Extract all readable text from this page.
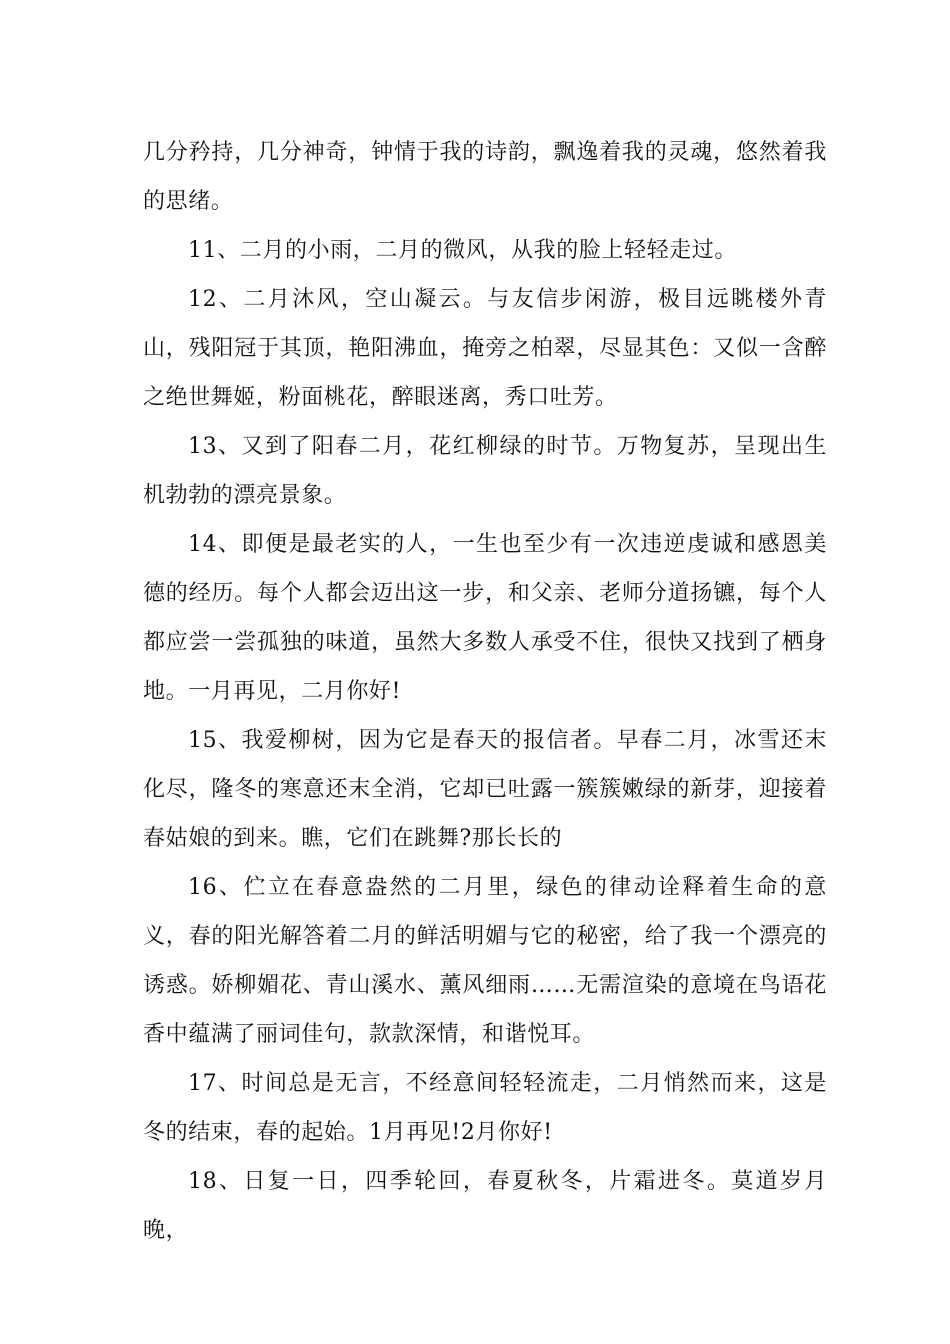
几分矜持，几分神奇，钟情于我的诗韵，飘逸着我的灵魂，悠然着我的思绪。

11、二月的小雨，二月的微风，从我的脸上轻轻走过。

12、二月沐风，空山凝云。与友信步闲游，极目远眺楼外青山，残阳冠于其顶，艳阳沸血，掩旁之柏翠，尽显其色：又似一含醉之绝世舞姬，粉面桃花，醉眼迷离，秀口吐芳。

13、又到了阳春二月，花红柳绿的时节。万物复苏，呈现出生机勃勃的漂亮景象。

14、即便是最老实的人，一生也至少有一次违逆虔诚和感恩美德的经历。每个人都会迈出这一步，和父亲、老师分道扬镳，每个人都应尝一尝孤独的味道，虽然大多数人承受不住，很快又找到了栖身地。一月再见，二月你好!

15、我爱柳树，因为它是春天的报信者。早春二月，冰雪还末化尽，隆冬的寒意还末全消，它却已吐露一簇簇嫩绿的新芽，迎接着春姑娘的到来。瞧，它们在跳舞?那长长的

16、伫立在春意盎然的二月里，绿色的律动诠释着生命的意义，春的阳光解答着二月的鲜活明媚与它的秘密，给了我一个漂亮的诱惑。娇柳媚花、青山溪水、薰风细雨……无需渲染的意境在鸟语花香中蕴满了丽词佳句，款款深情，和谐悦耳。

17、时间总是无言，不经意间轻轻流走，二月悄然而来，这是冬的结束，春的起始。1月再见!2月你好!

18、日复一日，四季轮回，春夏秋冬，片霜进冬。莫道岁月晚，
